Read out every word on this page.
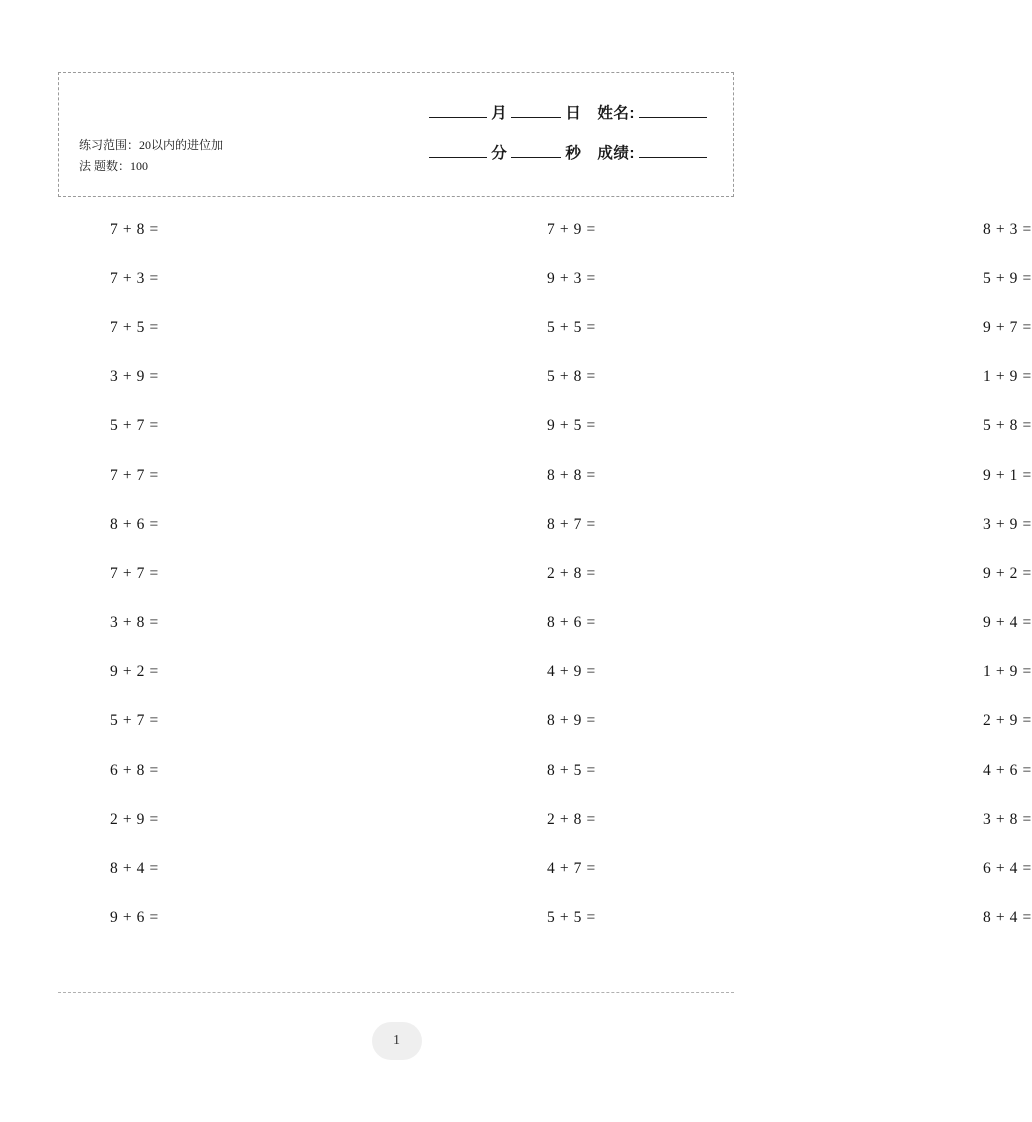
练习范围：20以内的进位加
法 题数：100
月	日 姓名:
分	秒 成绩:
7 + 8 =	7 + 9 =	8 + 3 =
7 + 3 =	9 + 3 =	5 + 9 =
7 + 5 =	5 + 5 =	9 + 7 =
3 + 9 =	5 + 8 =	1 + 9 =
5 + 7 =	9 + 5 =	5 + 8 =
7 + 7 =	8 + 8 =	9 + 1 =
8 + 6 =	8 + 7 =	3 + 9 =
7 + 7 =	2 + 8 =	9 + 2 =
3 + 8 =	8 + 6 =	9 + 4 =
9 + 2 =	4 + 9 =	1 + 9 =
5 + 7 =	8 + 9 =	2 + 9 =
6 + 8 =	8 + 5 =	4 + 6 =
2 + 9 =	2 + 8 =	3 + 8 =
8 + 4 =	4 + 7 =	6 + 4 =
9 + 6 =	5 + 5 =	8 + 4 =
1
